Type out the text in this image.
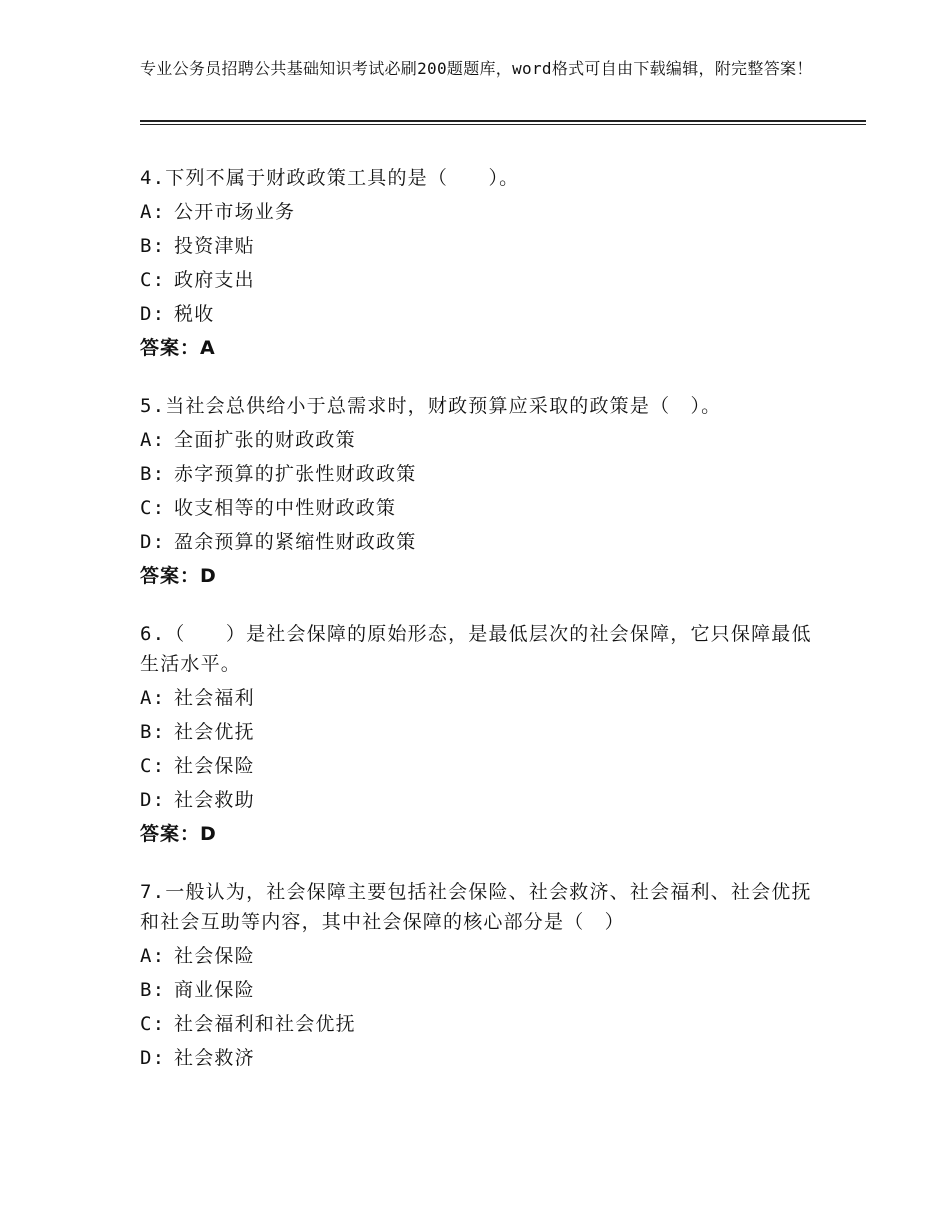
专业公务员招聘公共基础知识考试必刷200题题库，word格式可自由下载编辑，附完整答案！
4.下列不属于财政政策工具的是（　　）。
A: 公开市场业务
B: 投资津贴
C: 政府支出
D: 税收
答案：A
5.当社会总供给小于总需求时，财政预算应采取的政策是（　）。
A: 全面扩张的财政政策
B: 赤字预算的扩张性财政政策
C: 收支相等的中性财政政策
D: 盈余预算的紧缩性财政政策
答案：D
6.（　　）是社会保障的原始形态，是最低层次的社会保障，它只保障最低生活水平。
A: 社会福利
B: 社会优抚
C: 社会保险
D: 社会救助
答案：D
7.一般认为，社会保障主要包括社会保险、社会救济、社会福利、社会优抚和社会互助等内容，其中社会保障的核心部分是（　）
A: 社会保险
B: 商业保险
C: 社会福利和社会优抚
D: 社会救济
